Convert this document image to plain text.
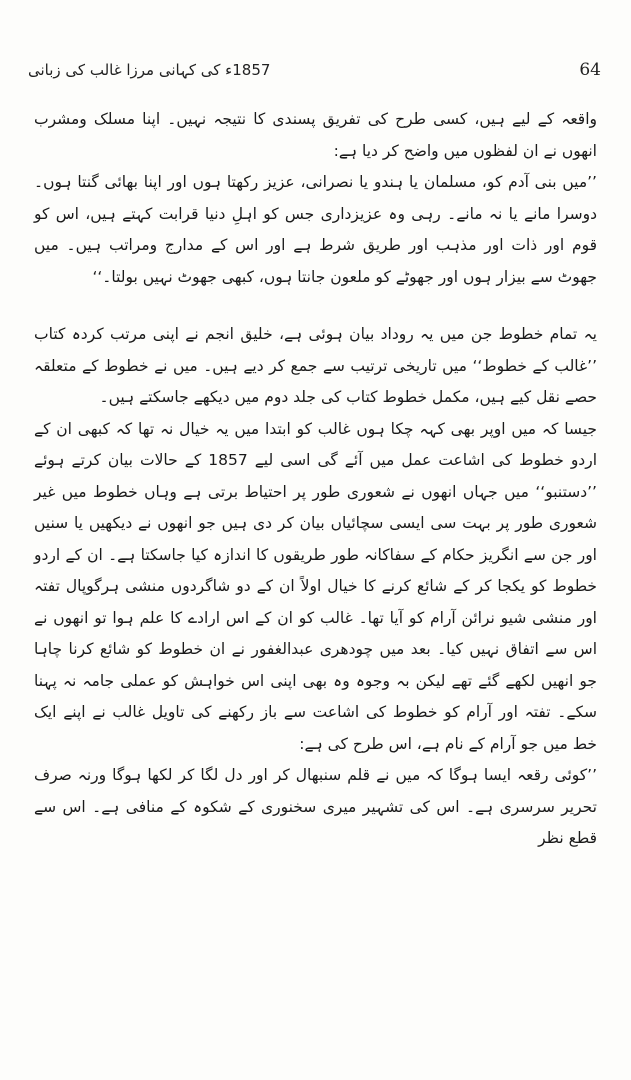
64
1857ء کی کہانی مرزا غالب کی زبانی

واقعہ کے لیے ہیں، کسی طرح کی تفریق پسندی کا نتیجہ نہیں۔ اپنا مسلک ومشرب انھوں نے ان لفظوں میں واضح کر دیا ہے:

’’میں بنی آدم کو، مسلمان یا ہندو یا نصرانی، عزیز رکھتا ہوں اور اپنا بھائی گنتا ہوں۔ دوسرا مانے یا نہ مانے۔ رہی وہ عزیزداری جس کو اہلِ دنیا قرابت کہتے ہیں، اس کو قوم اور ذات اور مذہب اور طریق شرط ہے اور اس کے مدارج ومراتب ہیں۔ میں جھوٹ سے بیزار ہوں اور جھوٹے کو ملعون جانتا ہوں، کبھی جھوٹ نہیں بولتا۔‘‘

یہ تمام خطوط جن میں یہ روداد بیان ہوئی ہے، خلیق انجم نے اپنی مرتب کردہ کتاب ’’غالب کے خطوط‘‘ میں تاریخی ترتیب سے جمع کر دیے ہیں۔ میں نے خطوط کے متعلقہ حصے نقل کیے ہیں، مکمل خطوط کتاب کی جلد دوم میں دیکھے جاسکتے ہیں۔

جیسا کہ میں اوپر بھی کہہ چکا ہوں غالب کو ابتدا میں یہ خیال نہ تھا کہ کبھی ان کے اردو خطوط کی اشاعت عمل میں آئے گی اسی لیے 1857 کے حالات بیان کرتے ہوئے ’’دستنبو‘‘ میں جہاں انھوں نے شعوری طور پر احتیاط برتی ہے وہاں خطوط میں غیر شعوری طور پر بہت سی ایسی سچائیاں بیان کر دی ہیں جو انھوں نے دیکھیں یا سنیں اور جن سے انگریز حکام کے سفاکانہ طور طریقوں کا اندازہ کیا جاسکتا ہے۔ ان کے اردو خطوط کو یکجا کر کے شائع کرنے کا خیال اولاً ان کے دو شاگردوں منشی ہرگوپال تفتہ اور منشی شیو نرائن آرام کو آیا تھا۔ غالب کو ان کے اس ارادے کا علم ہوا تو انھوں نے اس سے اتفاق نہیں کیا۔ بعد میں چودھری عبدالغفور نے ان خطوط کو شائع کرنا چاہا جو انھیں لکھے گئے تھے لیکن بہ وجوہ وہ بھی اپنی اس خواہش کو عملی جامہ نہ پہنا سکے۔ تفتہ اور آرام کو خطوط کی اشاعت سے باز رکھنے کی تاویل غالب نے اپنے ایک خط میں جو آرام کے نام ہے، اس طرح کی ہے:

’’کوئی رقعہ ایسا ہوگا کہ میں نے قلم سنبھال کر اور دل لگا کر لکھا ہوگا ورنہ صرف تحریر سرسری ہے۔ اس کی تشہیر میری سخنوری کے شکوہ کے منافی ہے۔ اس سے قطع نظر
